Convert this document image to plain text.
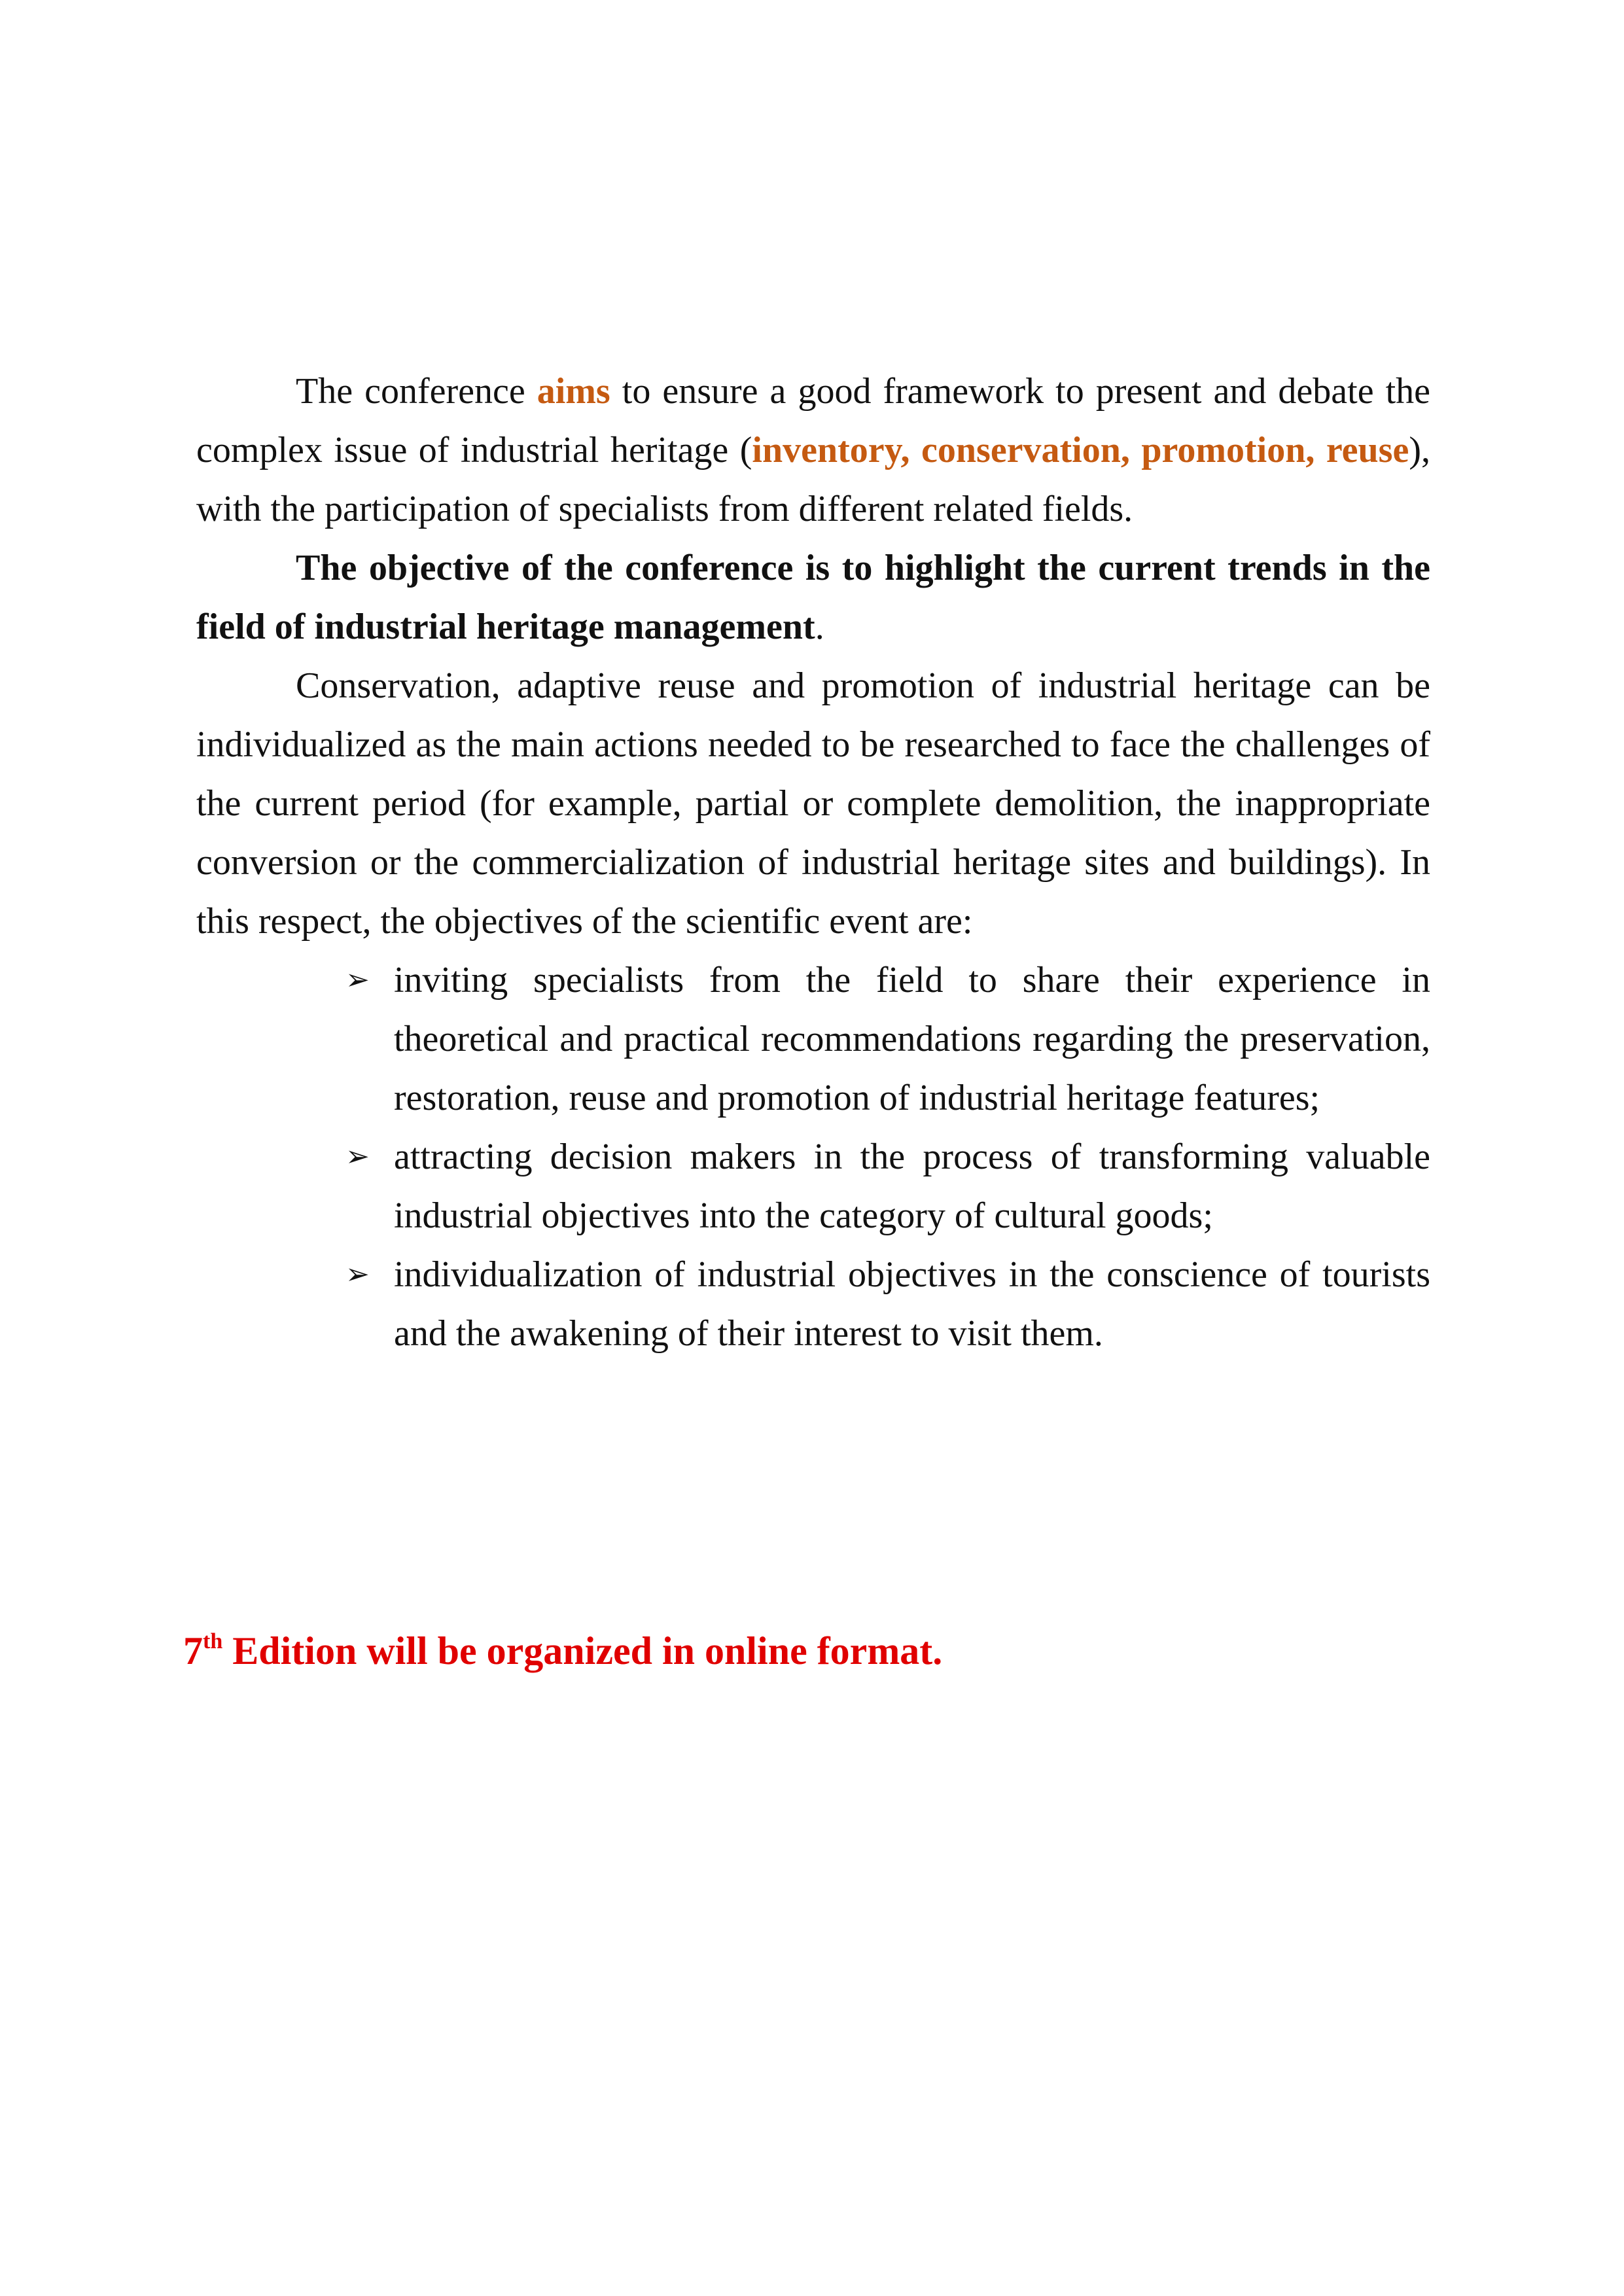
The conference aims to ensure a good framework to present and debate the complex issue of industrial heritage (inventory, conservation, promotion, reuse), with the participation of specialists from different related fields.

The objective of the conference is to highlight the current trends in the field of industrial heritage management.

Conservation, adaptive reuse and promotion of industrial heritage can be individualized as the main actions needed to be researched to face the challenges of the current period (for example, partial or complete demolition, the inappropriate conversion or the commercialization of industrial heritage sites and buildings). In this respect, the objectives of the scientific event are:

➢ inviting specialists from the field to share their experience in theoretical and practical recommendations regarding the preservation, restoration, reuse and promotion of industrial heritage features;
➢ attracting decision makers in the process of transforming valuable industrial objectives into the category of cultural goods;
➢ individualization of industrial objectives in the conscience of tourists and the awakening of their interest to visit them.

7th Edition will be organized in online format.
